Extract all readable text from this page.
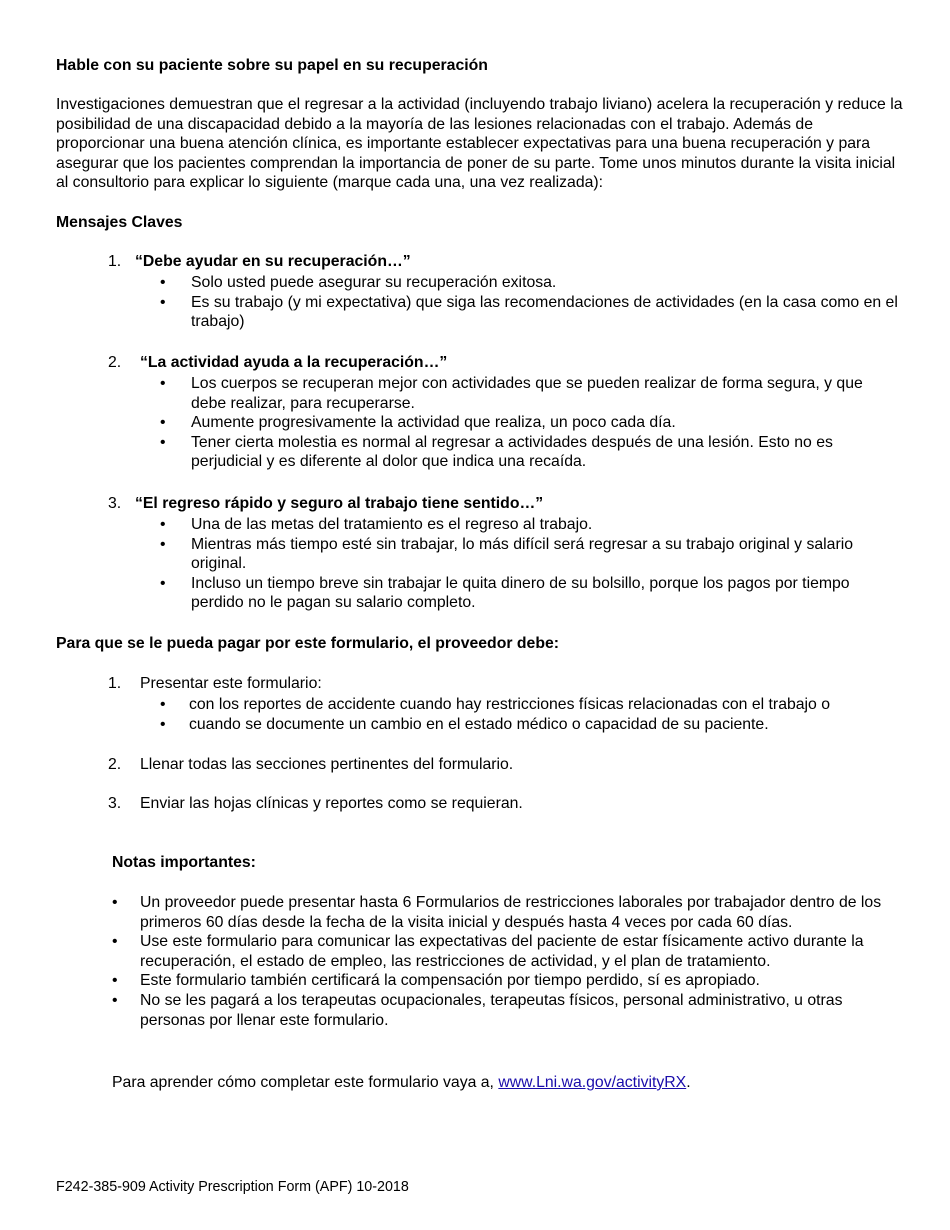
Hable con su paciente sobre su papel en su recuperación

Investigaciones demuestran que el regresar a la actividad (incluyendo trabajo liviano) acelera la recuperación y reduce la posibilidad de una discapacidad debido a la mayoría de las lesiones relacionadas con el trabajo. Además de proporcionar una buena atención clínica, es importante establecer expectativas para una buena recuperación y para asegurar que los pacientes comprendan la importancia de poner de su parte. Tome unos minutos durante la visita inicial al consultorio para explicar lo siguiente (marque cada una, una vez realizada):

Mensajes Claves
1. “Debe ayudar en su recuperación…”
• Solo usted puede asegurar su recuperación exitosa.
• Es su trabajo (y mi expectativa) que siga las recomendaciones de actividades (en la casa como en el trabajo)
2. “La actividad ayuda a la recuperación…”
• Los cuerpos se recuperan mejor con actividades que se pueden realizar de forma segura, y que debe realizar, para recuperarse.
• Aumente progresivamente la actividad que realiza, un poco cada día.
• Tener cierta molestia es normal al regresar a actividades después de una lesión. Esto no es perjudicial y es diferente al dolor que indica una recaída.
3. “El regreso rápido y seguro al trabajo tiene sentido…”
• Una de las metas del tratamiento es el regreso al trabajo.
• Mientras más tiempo esté sin trabajar, lo más difícil será regresar a su trabajo original y salario original.
• Incluso un tiempo breve sin trabajar le quita dinero de su bolsillo, porque los pagos por tiempo perdido no le pagan su salario completo.
Para que se le pueda pagar por este formulario, el proveedor debe:
1. Presentar este formulario:
• con los reportes de accidente cuando hay restricciones físicas relacionadas con el trabajo o
• cuando se documente un cambio en el estado médico o capacidad de su paciente.
2. Llenar todas las secciones pertinentes del formulario.
3. Enviar las hojas clínicas y reportes como se requieran.
Notas importantes:
• Un proveedor puede presentar hasta 6 Formularios de restricciones laborales por trabajador dentro de los primeros 60 días desde la fecha de la visita inicial y después hasta 4 veces por cada 60 días.
• Use este formulario para comunicar las expectativas del paciente de estar físicamente activo durante la recuperación, el estado de empleo, las restricciones de actividad, y el plan de tratamiento.
• Este formulario también certificará la compensación por tiempo perdido, sí es apropiado.
• No se les pagará a los terapeutas ocupacionales, terapeutas físicos, personal administrativo, u otras personas por llenar este formulario.
Para aprender cómo completar este formulario vaya a, www.Lni.wa.gov/activityRX.
F242-385-909 Activity Prescription Form (APF) 10-2018
